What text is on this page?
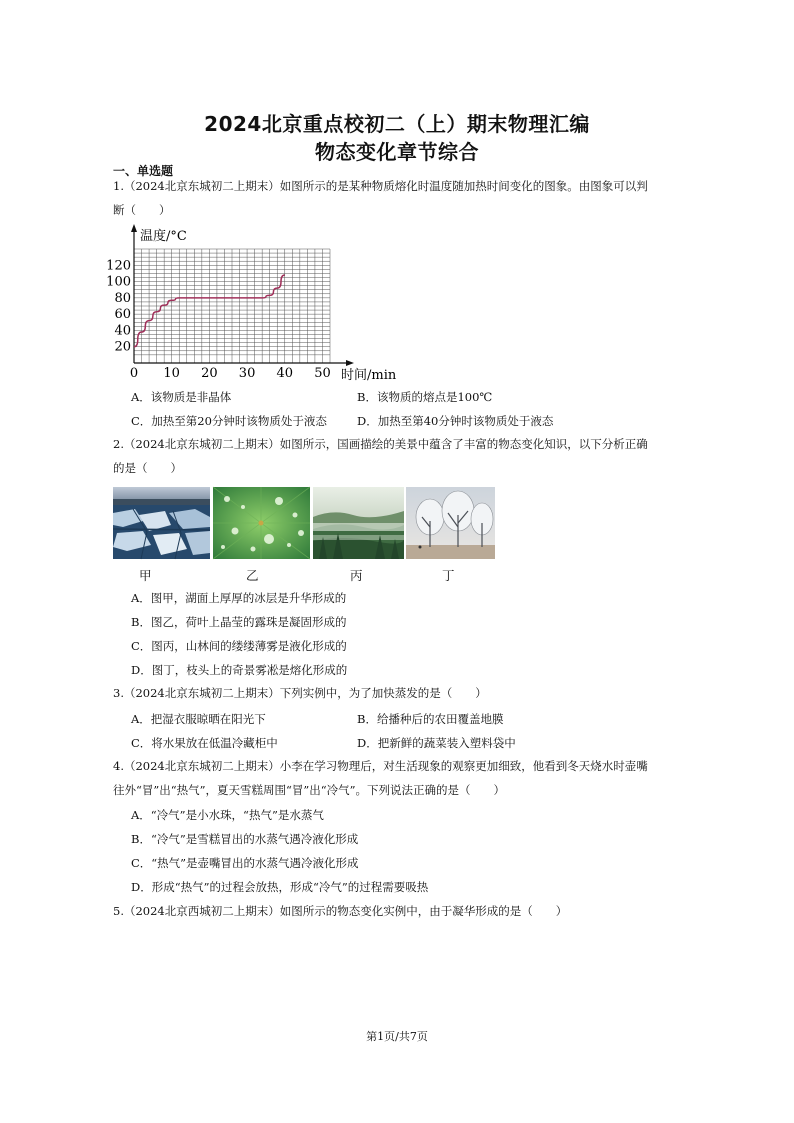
2024北京重点校初二（上）期末物理汇编
物态变化章节综合
一、单选题
1.（2024北京东城初二上期末）如图所示的是某种物质熔化时温度随加热时间变化的图象。由图象可以判
断（　　）
0 10 20 30 40 50
20
40
60
80
100
120
温度/°C
时间/min
A．该物质是非晶体	B．该物质的熔点是100℃
C．加热至第20分钟时该物质处于液态	D．加热至第40分钟时该物质处于液态
2.（2024北京东城初二上期末）如图所示，国画描绘的美景中蕴含了丰富的物态变化知识，以下分析正确
的是（　　）
甲	乙	丙	丁
A．图甲，湖面上厚厚的冰层是升华形成的
B．图乙，荷叶上晶莹的露珠是凝固形成的
C．图丙，山林间的缕缕薄雾是液化形成的
D．图丁，枝头上的奇景雾凇是熔化形成的
3.（2024北京东城初二上期末）下列实例中，为了加快蒸发的是（　　）
A．把湿衣服晾晒在阳光下	B．给播种后的农田覆盖地膜
C．将水果放在低温冷藏柜中	D．把新鲜的蔬菜装入塑料袋中
4.（2024北京东城初二上期末）小李在学习物理后，对生活现象的观察更加细致，他看到冬天烧水时壶嘴
往外“冒”出“热气”，夏天雪糕周围“冒”出“冷气”。下列说法正确的是（　　）
A．“冷气”是小水珠，“热气”是水蒸气
B．“冷气”是雪糕冒出的水蒸气遇冷液化形成
C．“热气”是壶嘴冒出的水蒸气遇冷液化形成
D．形成“热气”的过程会放热，形成“冷气”的过程需要吸热
5.（2024北京西城初二上期末）如图所示的物态变化实例中，由于凝华形成的是（　　）
第1页/共7页
